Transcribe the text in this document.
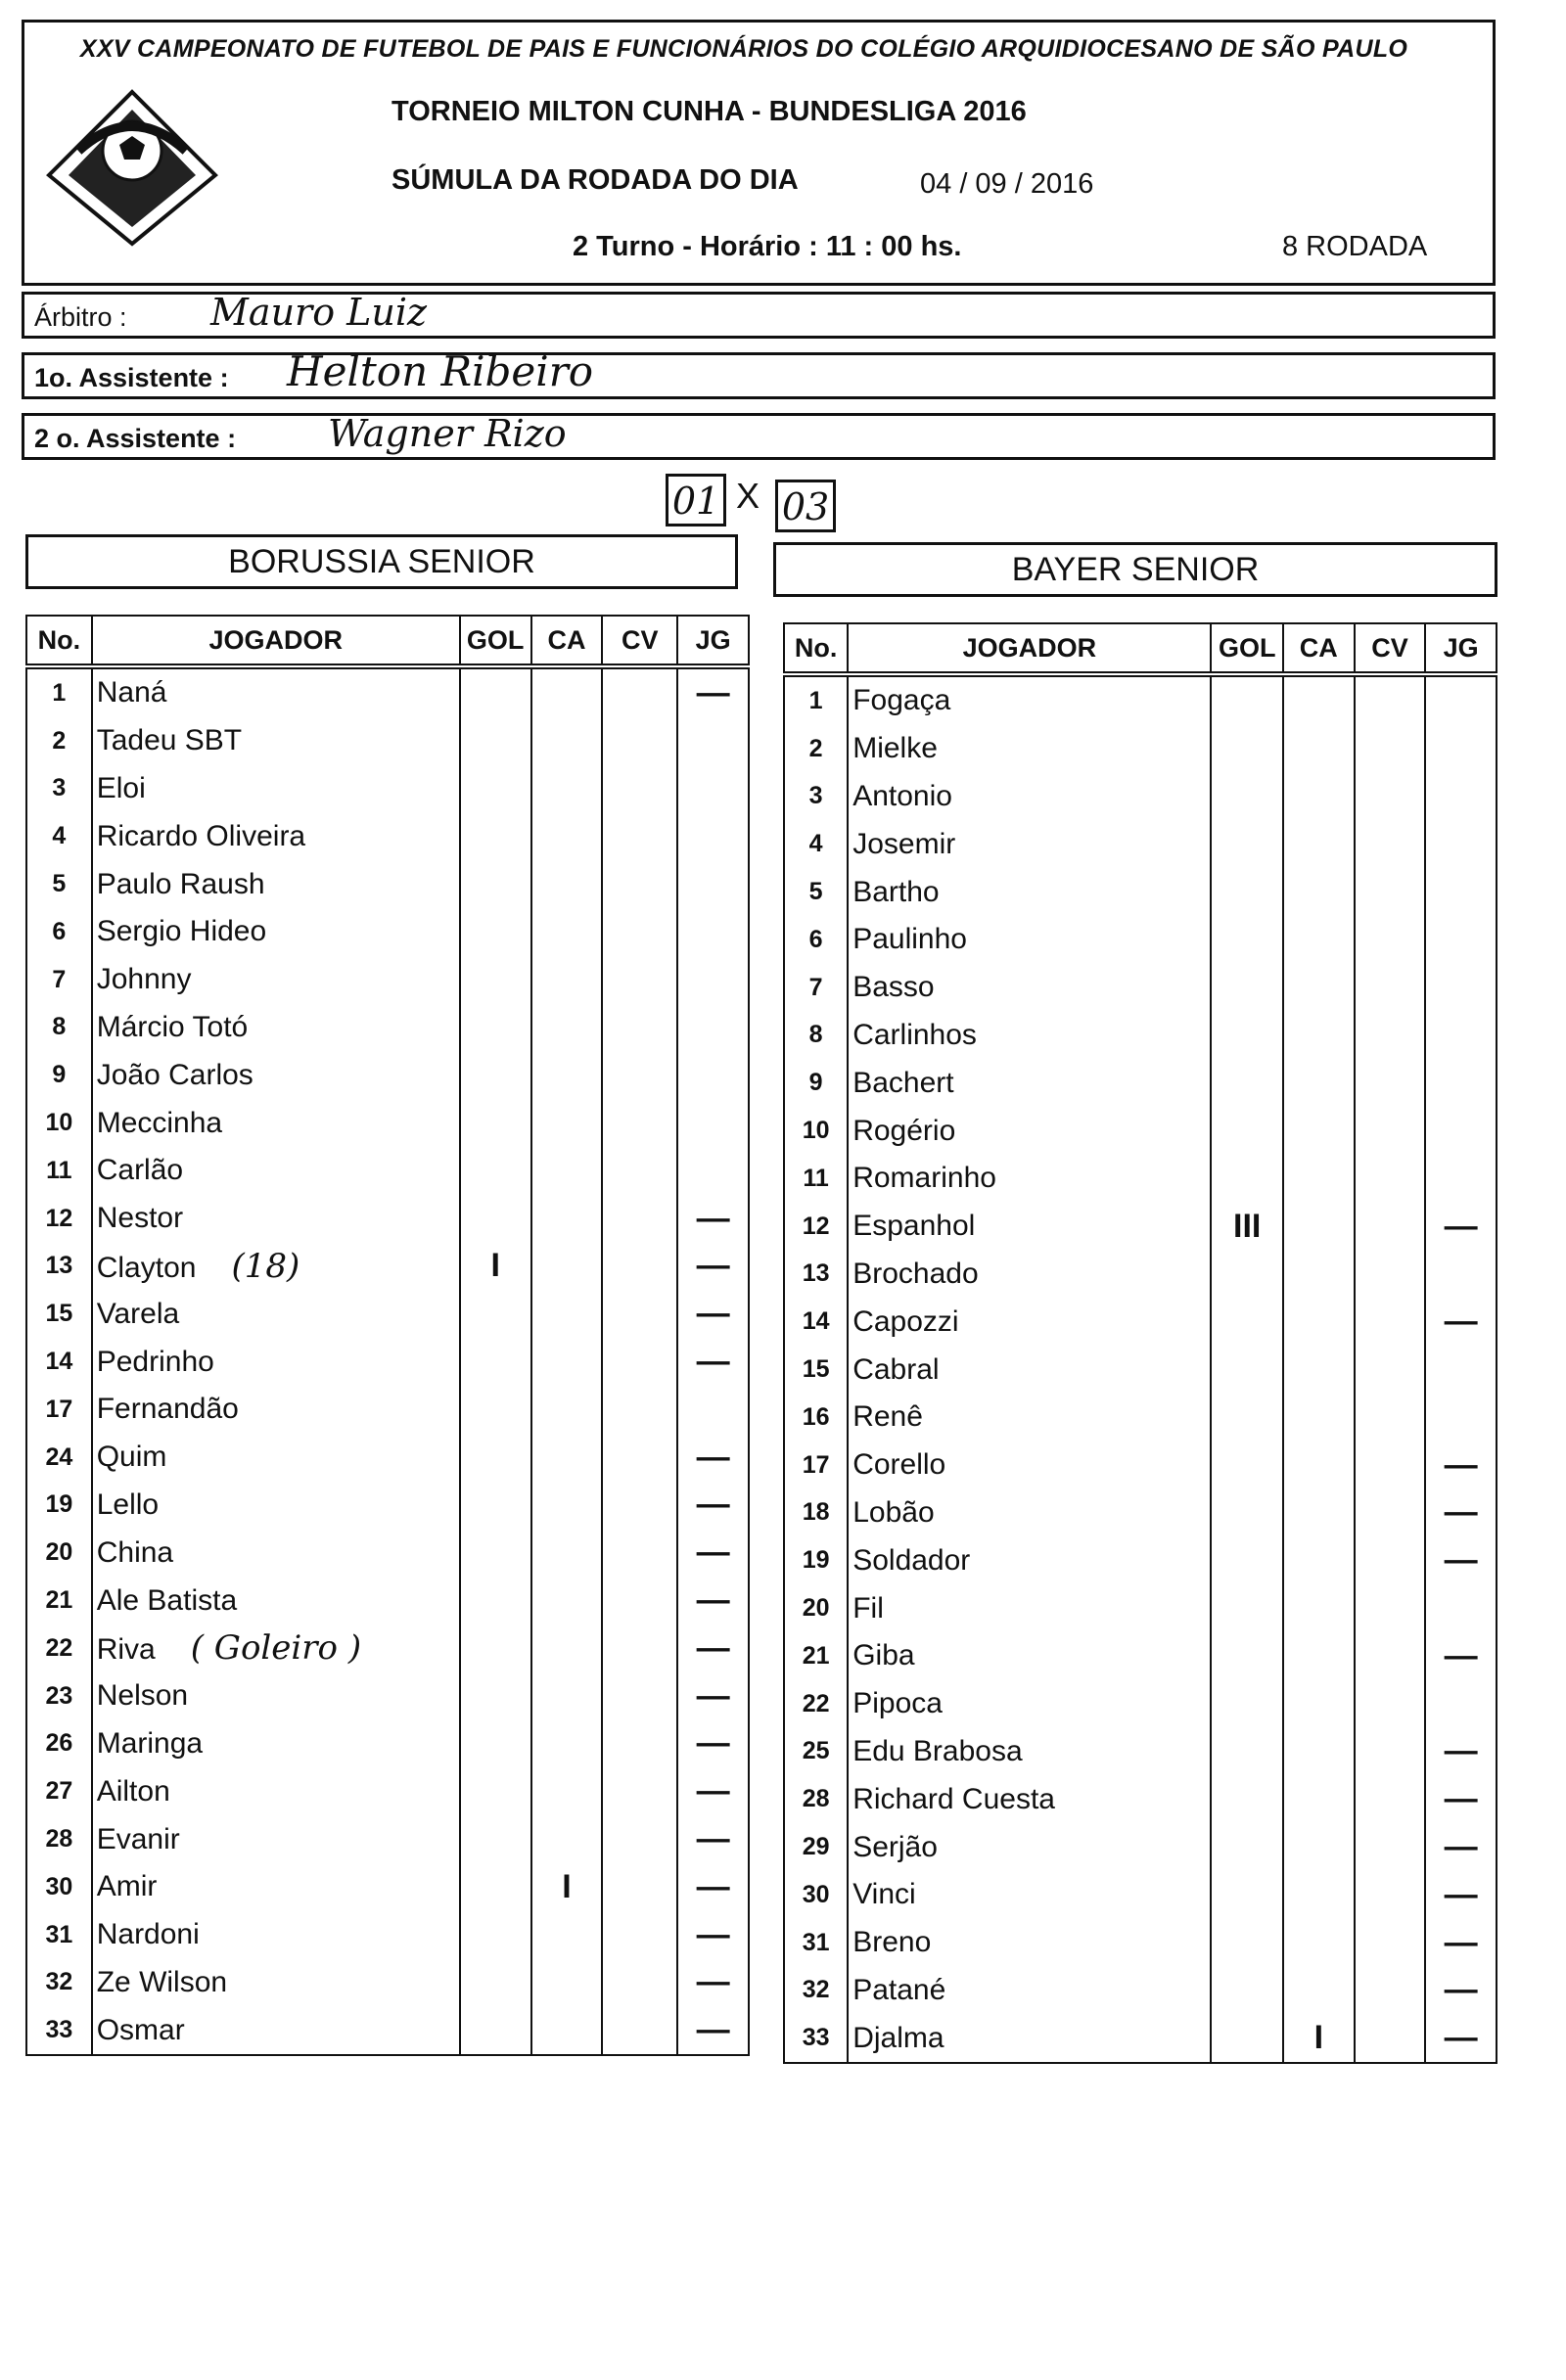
XXV CAMPEONATO DE FUTEBOL DE PAIS E FUNCIONÁRIOS DO COLÉGIO ARQUIDIOCESANO DE SÃO PAULO
TORNEIO MILTON CUNHA - BUNDESLIGA 2016
SÚMULA DA RODADA DO DIA	04 / 09 / 2016
2 Turno - Horário : 11 : 00 hs.	8 RODADA
Árbitro : Mauro Luiz
1o. Assistente : Helton Ribeiro
2 o. Assistente : Wagner Rizo
01 X 03
BORUSSIA SENIOR	BAYER SENIOR
No.	JOGADOR	GOL	CA	CV	JG
1	Naná				—
2	Tadeu SBT				
3	Eloi				
4	Ricardo Oliveira				
5	Paulo Raush				
6	Sergio Hideo				
7	Johnny				
8	Márcio Totó				
9	João Carlos				
10	Meccinha				
11	Carlão				
12	Nestor				—
13	Clayton (18)	I			—
15	Varela				—
14	Pedrinho				—
17	Fernandão				
24	Quim				—
19	Lello				—
20	China				—
21	Ale Batista				—
22	Riva ( Goleiro )				—
23	Nelson				—
26	Maringa				—
27	Ailton				—
28	Evanir				—
30	Amir		I		—
31	Nardoni				—
32	Ze Wilson				—
33	Osmar				—
No.	JOGADOR	GOL	CA	CV	JG
1	Fogaça				
2	Mielke				
3	Antonio				
4	Josemir				
5	Bartho				
6	Paulinho				
7	Basso				
8	Carlinhos				
9	Bachert				
10	Rogério				
11	Romarinho				
12	Espanhol	III			—
13	Brochado				
14	Capozzi				—
15	Cabral				
16	Renê				
17	Corello				—
18	Lobão				—
19	Soldador				—
20	Fil				
21	Giba				—
22	Pipoca				
25	Edu Brabosa				—
28	Richard Cuesta				—
29	Serjão				—
30	Vinci				—
31	Breno				—
32	Patané				—
33	Djalma		I		—
